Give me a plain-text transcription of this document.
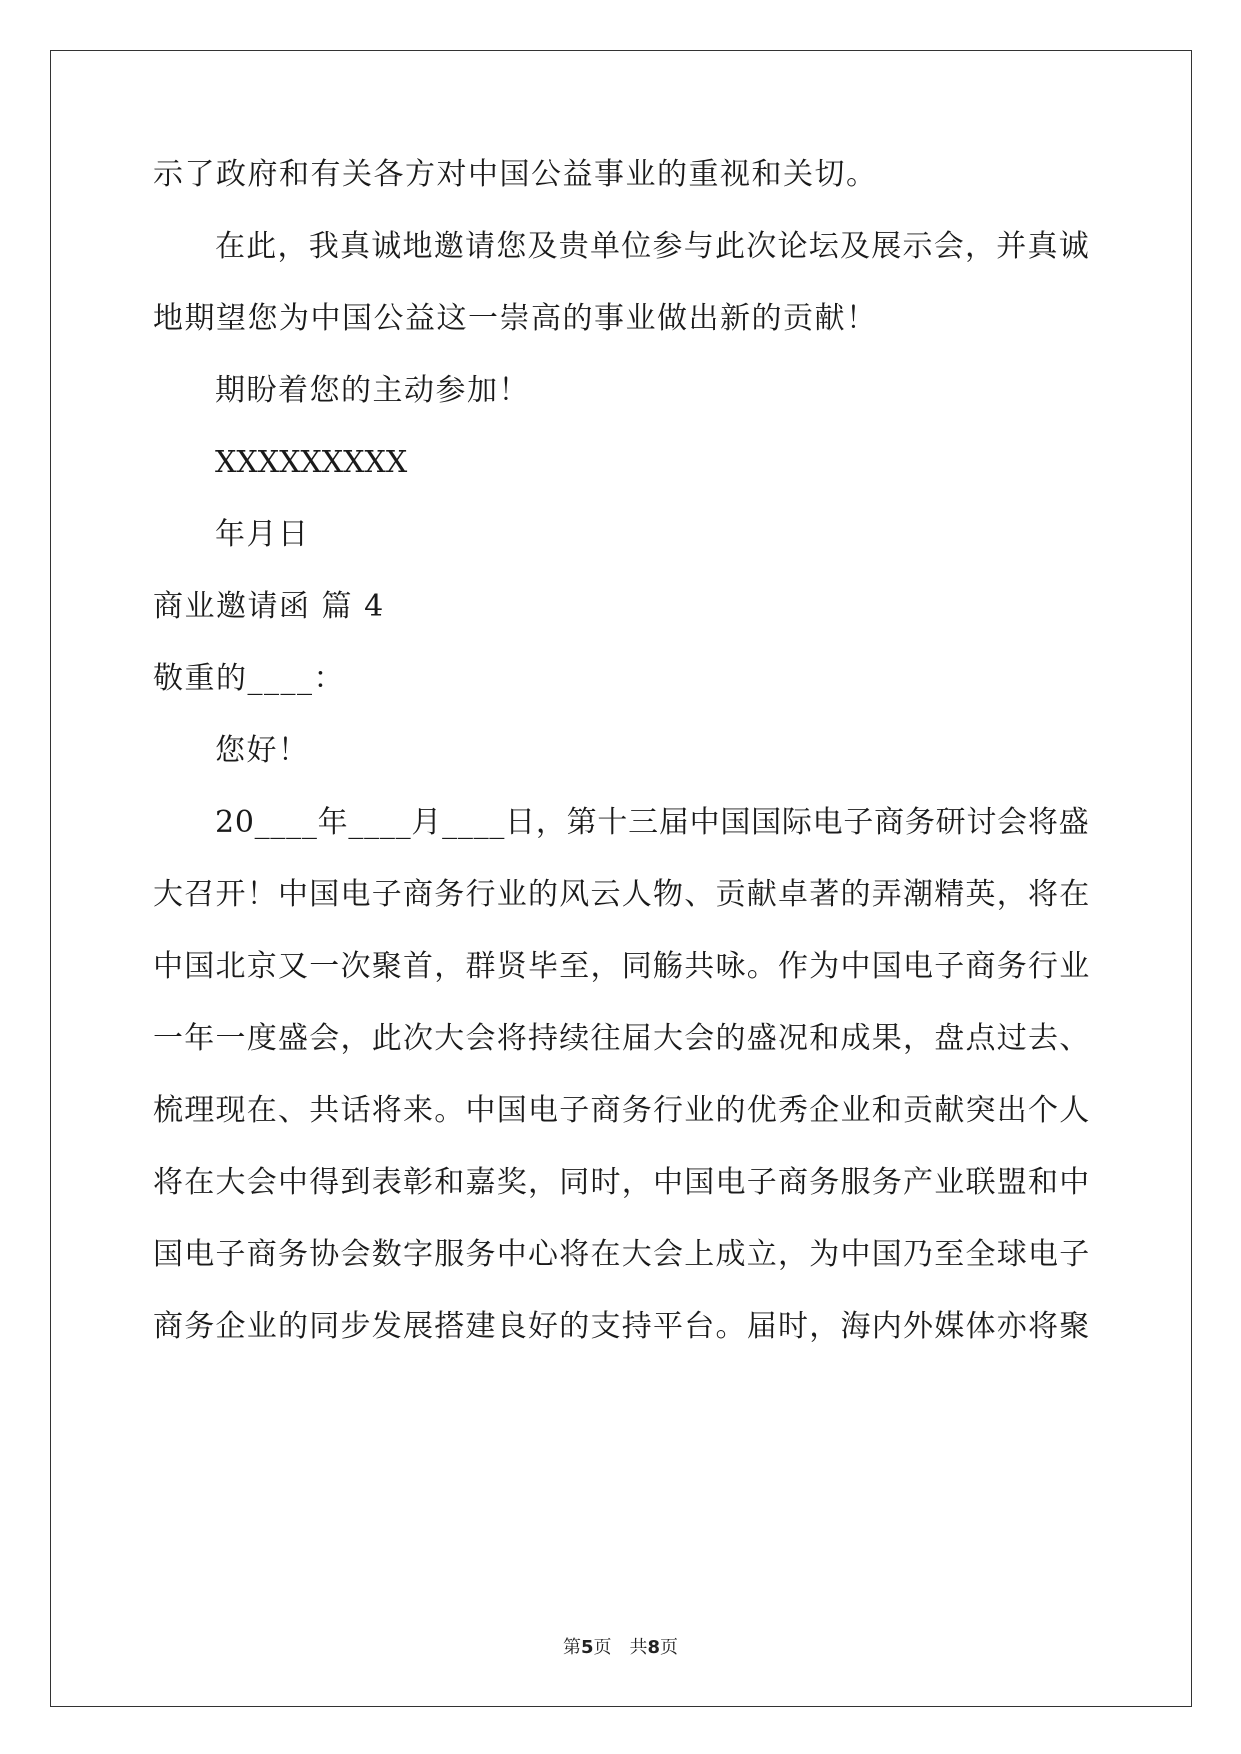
示了政府和有关各方对中国公益事业的重视和关切。
在此，我真诚地邀请您及贵单位参与此次论坛及展示会，并真诚
地期望您为中国公益这一崇高的事业做出新的贡献！
期盼着您的主动参加！
XXXXXXXXX
年月日
商业邀请函 篇 4
敬重的____：
您好！
20____年____月____日，第十三届中国国际电子商务研讨会将盛
大召开！中国电子商务行业的风云人物、贡献卓著的弄潮精英，将在
中国北京又一次聚首，群贤毕至，同觞共咏。作为中国电子商务行业
一年一度盛会，此次大会将持续往届大会的盛况和成果，盘点过去、
梳理现在、共话将来。中国电子商务行业的优秀企业和贡献突出个人
将在大会中得到表彰和嘉奖，同时，中国电子商务服务产业联盟和中
国电子商务协会数字服务中心将在大会上成立，为中国乃至全球电子
商务企业的同步发展搭建良好的支持平台。届时，海内外媒体亦将聚
第5页　共8页
